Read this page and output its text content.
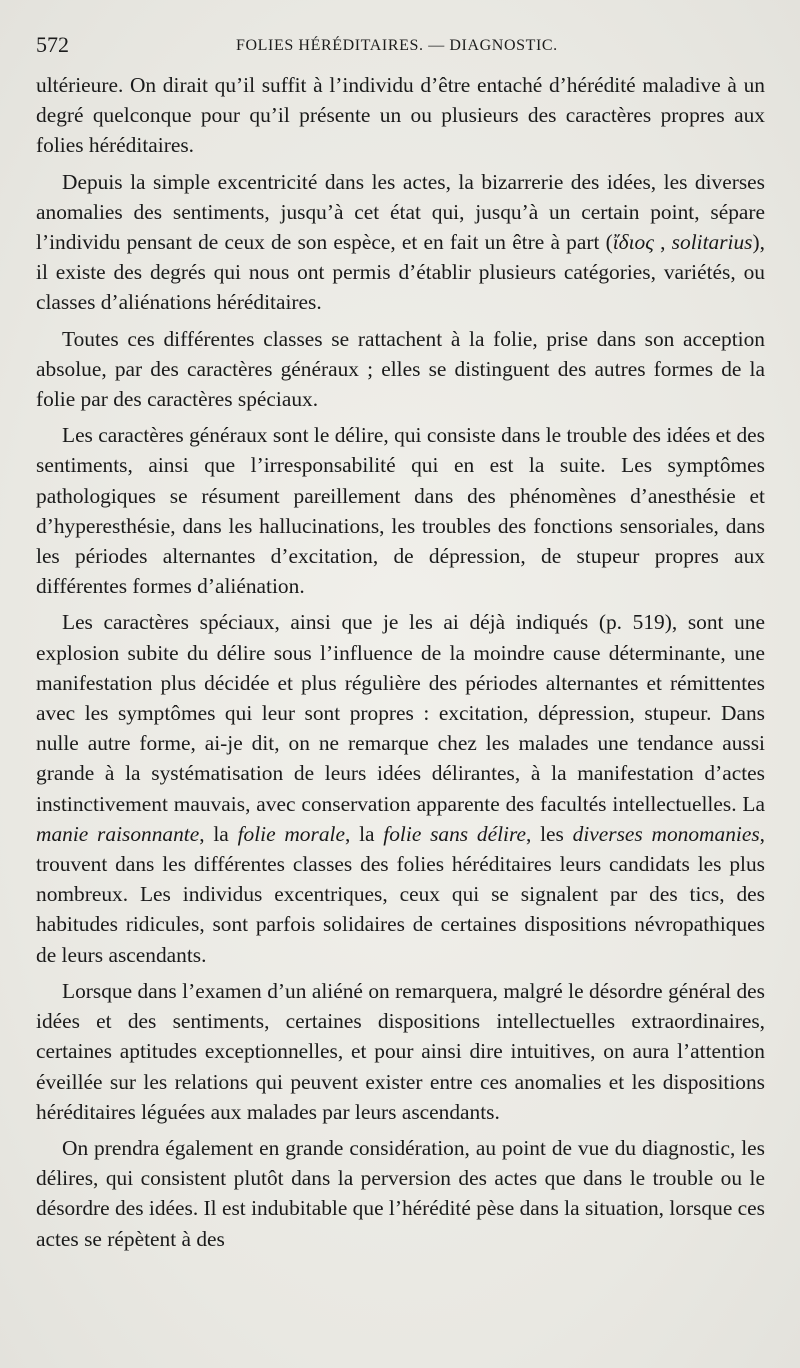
572	FOLIES HÉRÉDITAIRES. — DIAGNOSTIC.

ultérieure. On dirait qu’il suffit à l’individu d’être entaché d’hérédité maladive à un degré quelconque pour qu’il présente un ou plusieurs des caractères propres aux folies héréditaires.

Depuis la simple excentricité dans les actes, la bizarrerie des idées, les diverses anomalies des sentiments, jusqu’à cet état qui, jusqu’à un certain point, sépare l’individu pensant de ceux de son espèce, et en fait un être à part (ἴδιος , solitarius), il existe des degrés qui nous ont permis d’établir plusieurs catégories, variétés, ou classes d’aliénations héréditaires.

Toutes ces différentes classes se rattachent à la folie, prise dans son acception absolue, par des caractères généraux ; elles se distinguent des autres formes de la folie par des caractères spéciaux.

Les caractères généraux sont le délire, qui consiste dans le trouble des idées et des sentiments, ainsi que l’irresponsabilité qui en est la suite. Les symptômes pathologiques se résument pareillement dans des phénomènes d’anesthésie et d’hyperesthésie, dans les hallucinations, les troubles des fonctions sensoriales, dans les périodes alternantes d’excitation, de dépression, de stupeur propres aux différentes formes d’aliénation.

Les caractères spéciaux, ainsi que je les ai déjà indiqués (p. 519), sont une explosion subite du délire sous l’influence de la moindre cause déterminante, une manifestation plus décidée et plus régulière des périodes alternantes et rémittentes avec les symptômes qui leur sont propres : excitation, dépression, stupeur. Dans nulle autre forme, ai-je dit, on ne remarque chez les malades une tendance aussi grande à la systématisation de leurs idées délirantes, à la manifestation d’actes instinctivement mauvais, avec conservation apparente des facultés intellectuelles. La manie raisonnante, la folie morale, la folie sans délire, les diverses monomanies, trouvent dans les différentes classes des folies héréditaires leurs candidats les plus nombreux. Les individus excentriques, ceux qui se signalent par des tics, des habitudes ridicules, sont parfois solidaires de certaines dispositions névropathiques de leurs ascendants.

Lorsque dans l’examen d’un aliéné on remarquera, malgré le désordre général des idées et des sentiments, certaines dispositions intellectuelles extraordinaires, certaines aptitudes exceptionnelles, et pour ainsi dire intuitives, on aura l’attention éveillée sur les relations qui peuvent exister entre ces anomalies et les dispositions héréditaires léguées aux malades par leurs ascendants.

On prendra également en grande considération, au point de vue du diagnostic, les délires, qui consistent plutôt dans la perversion des actes que dans le trouble ou le désordre des idées. Il est indubitable que l’hérédité pèse dans la situation, lorsque ces actes se répètent à des
